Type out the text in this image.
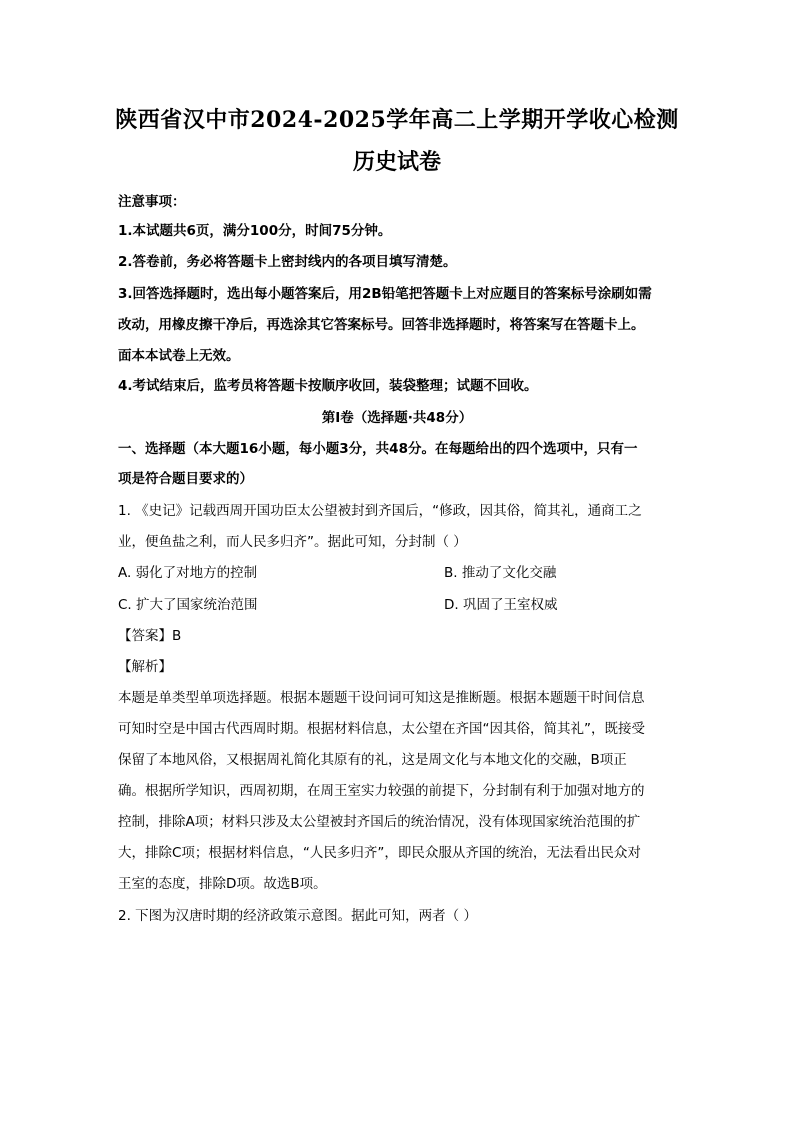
陕西省汉中市2024-2025学年高二上学期开学收心检测
历史试卷
注意事项：
1.本试题共6页，满分100分，时间75分钟。
2.答卷前，务必将答题卡上密封线内的各项目填写清楚。
3.回答选择题时，选出每小题答案后，用2B铅笔把答题卡上对应题目的答案标号涂刷如需
改动，用橡皮擦干净后，再选涂其它答案标号。回答非选择题时，将答案写在答题卡上。
面本本试卷上无效。
4.考试结束后，监考员将答题卡按顺序收回，装袋整理；试题不回收。
第Ⅰ卷（选择题·共48分）
一、选择题（本大题16小题，每小题3分，共48分。在每题给出的四个选项中，只有一
项是符合题目要求的）
1. 《史记》记载西周开国功臣太公望被封到齐国后，“修政，因其俗，简其礼，通商工之
业，便鱼盐之利，而人民多归齐”。据此可知，分封制（ ）
A. 弱化了对地方的控制	B. 推动了文化交融
C. 扩大了国家统治范围	D. 巩固了王室权威
【答案】B
【解析】
本题是单类型单项选择题。根据本题题干设问词可知这是推断题。根据本题题干时间信息
可知时空是中国古代西周时期。根据材料信息，太公望在齐国“因其俗，简其礼”，既接受
保留了本地风俗，又根据周礼简化其原有的礼，这是周文化与本地文化的交融，B项正
确。根据所学知识，西周初期，在周王室实力较强的前提下，分封制有利于加强对地方的
控制，排除A项；材料只涉及太公望被封齐国后的统治情况，没有体现国家统治范围的扩
大，排除C项；根据材料信息，“人民多归齐”，即民众服从齐国的统治，无法看出民众对
王室的态度，排除D项。故选B项。
2. 下图为汉唐时期的经济政策示意图。据此可知，两者（ ）
